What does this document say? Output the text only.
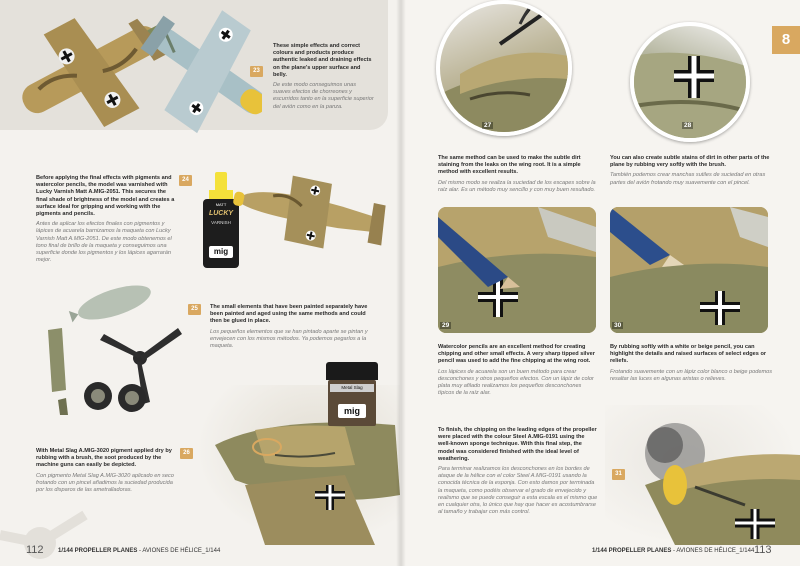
23
These simple effects and correct colours and products produce authentic leaked and draining effects on the plane's upper surface and belly.
De este modo conseguimos unas suaves efectos de chorreones y escurridos tanto en la superficie superior del avión como en la panza.
Before applying the final effects with pigments and watercolor pencils, the model was varnished with Lucky Varnish Matt A.MIG-2051. This secures the final shade of brightness of the model and creates a surface ideal for gripping and working with the pigments and pencils.
Antes de aplicar los efectos finales con pigmentos y lápices de acuarela barnizamos la maqueta con Lucky Varnish Matt A.MIG-2051. De este modo obtenemos el tono final de brillo de la maqueta y conseguimos una superficie donde los pigmentos y los lápices agarrarán mejor.
24
MATT
LUCKY
VARNISH
mig
25	The small elements that have been painted separately have been painted and aged using the same methods and could then be glued in place.
Los pequeños elementos que se han pintado aparte se pintan y envejecen con los mismos métodos. Ya podemos pegarlos a la maqueta.
26
Metal Slag
mig
With Metal Slag A.MIG-3020 pigment applied dry by rubbing with a brush, the soot produced by the machine guns can easily be depicted.
Con pigmento Metal Slag A.MIG-3020 aplicado en seco frotando con un pincel añadimos la suciedad producida por los disparos de las ametralladoras.
112 1/144 PROPELLER PLANES - AVIONES DE HÉLICE_1/144
27	28
8
The same method can be used to make the subtle dirt staining from the leaks on the wing root. It is a simple method with excellent results.
Del mismo modo se realiza la suciedad de los escapes sobre la raíz alar. Es un método muy sencillo y con muy buen resultado.
You can also create subtle stains of dirt in other parts of the plane by rubbing very softly with the brush.
También podemos crear manchas sutiles de suciedad en otras partes del avión frotando muy suavemente con el pincel.
29	30
Watercolor pencils are an excellent method for creating chipping and other small effects. A very sharp tipped silver pencil was used to add the fine chipping at the wing root.
Los lápices de acuarela son un buen método para crear desconchones y otros pequeños efectos. Con un lápiz de color plata muy afilado realizamos los pequeños desconchones típicos de la raíz alar.
By rubbing softly with a white or beige pencil, you can highlight the details and raised surfaces of select edges or reliefs.
Frotando suavemente con un lápiz color blanco o beige podemos resaltar las luces en algunas aristas o relieves.
To finish, the chipping on the leading edges of the propeller were placed with the colour Steel A.MIG-0191 using the well-known sponge technique. With this final step, the model was considered finished with the ideal level of weathering.
Para terminar realizamos los desconchones en los bordes de ataque de la hélice con el color Steel A.MIG-0191 usando la conocida técnica de la esponja. Con esto damos por terminada la maqueta, como podéis observar el grado de envejecido y realismo que se puede conseguir a esta escala es el mismo que en cualquier otra, lo único que hay que hacer es acostumbrarse al tamaño y trabajar con más control.
31
1/144 PROPELLER PLANES - AVIONES DE HÉLICE_1/144 113
